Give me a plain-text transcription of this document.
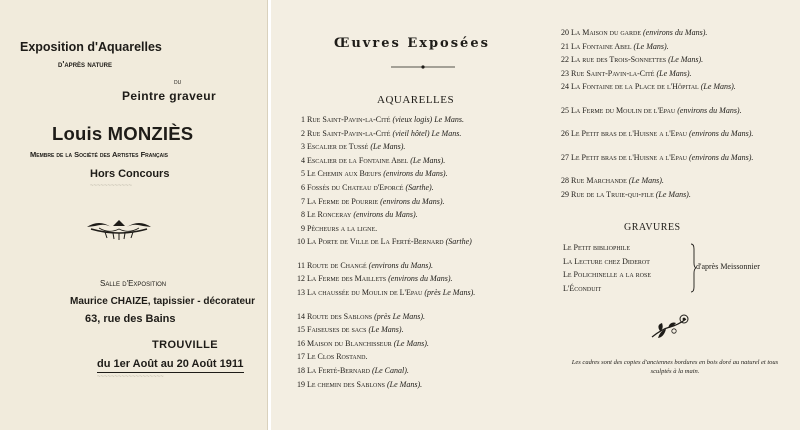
Exposition d'Aquarelles
d'après nature
du
Peintre graveur
Louis MONZIÈS
Membre de la Société des Artistes Français
Hors Concours
~~~~~~~~~~~~
Salle d'Exposition
Maurice CHAIZE, tapissier - décorateur
63, rue des Bains
TROUVILLE
du 1er Août au 20 Août 1911
~~~~~~~~~~~~~~~~~~~
Œuvres Exposées
AQUARELLES
1 Rue Saint-Pavin-la-Cité (vieux logis) Le Mans.
2 Rue Saint-Pavin-la-Cité (vieil hôtel) Le Mans.
3 Escalier de Tussé (Le Mans).
4 Escalier de la Fontaine Abel (Le Mans).
5 Le Chemin aux Bœufs (environs du Mans).
6 Fossés du Chateau d'Eporcé (Sarthe).
7 La Ferme de Pourrie (environs du Mans).
8 Le Ronceray (environs du Mans).
9 Pêcheurs a la ligne.
10 La Porte de Ville de La Ferté-Bernard (Sarthe)
11 Route de Changé (environs du Mans).
12 La Ferme des Maillets (environs du Mans).
13 La chaussée du Moulin de L'Epau (près Le Mans).
14 Route des Sablons (près Le Mans).
15 Faiseuses de sacs (Le Mans).
16 Maison du Blanchisseur (Le Mans).
17 Le Clos Rostand.
18 La Ferté-Bernard (Le Canal).
19 Le chemin des Sablons (Le Mans).
20 La Maison du garde (environs du Mans).
21 La Fontaine Abel (Le Mans).
22 La rue des Trois-Sonnettes (Le Mans).
23 Rue Saint-Pavin-la-Cité (Le Mans).
24 La Fontaine de la Place de l'Hôpital (Le Mans).
25 La Ferme du Moulin de l'Epau (environs du Mans).
26 Le Petit bras de l'Huisne a l'Epau (environs du Mans).
27 Le Petit bras de l'Huisne a l'Epau (environs du Mans).
28 Rue Marchande (Le Mans).
29 Rue de la Truie-qui-file (Le Mans).
GRAVURES
Le Petit bibliophile
La Lecture chez Diderot
Le Polichinelle a la rose
L'Éconduit
d'après Meissonnier
Les cadres sont des copies d'anciennes bordures en bois doré au naturel et tous sculptés à la main.
